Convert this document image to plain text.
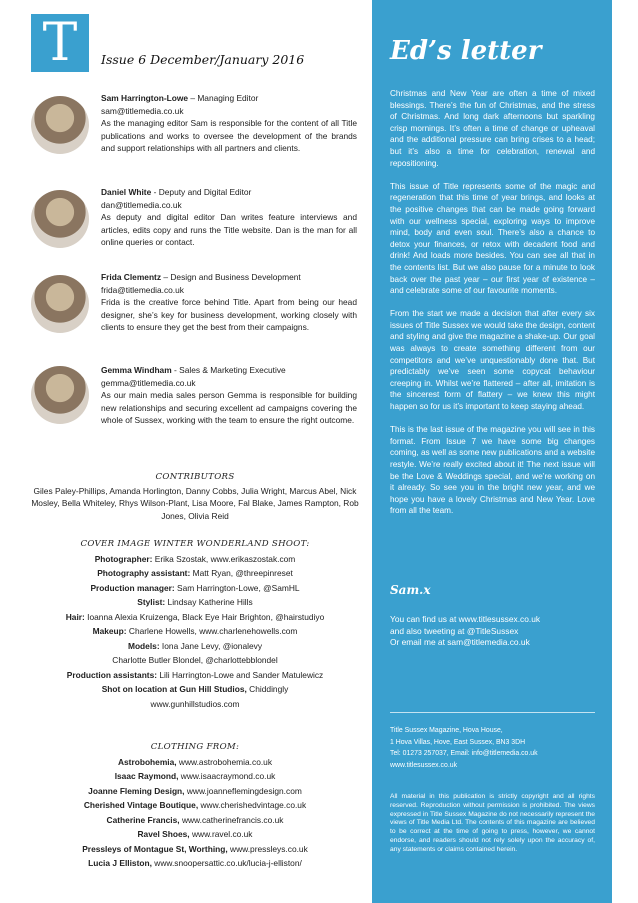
T Issue 6 December/January 2016
Sam Harrington-Lowe – Managing Editor
sam@titlemedia.co.uk

As the managing editor Sam is responsible for the content of all Title publications and works to oversee the development of the brands and support relationships with all partners and clients.

Daniel White - Deputy and Digital Editor
dan@titlemedia.co.uk

As deputy and digital editor Dan writes feature interviews and articles, edits copy and runs the Title website. Dan is the man for all online queries or contact.

Frida Clementz – Design and Business Development
frida@titlemedia.co.uk

Frida is the creative force behind Title. Apart from being our head designer, she’s key for business development, working closely with clients to ensure they get the best from their campaigns.

Gemma Windham - Sales & Marketing Executive
gemma@titlemedia.co.uk

As our main media sales person Gemma is responsible for building new relationships and securing excellent ad campaigns covering the whole of Sussex, working with the team to ensure the right outcome.

CONTRIBUTORS
Giles Paley-Phillips, Amanda Horlington, Danny Cobbs, Julia Wright, Marcus Abel, Nick Mosley, Bella Whiteley, Rhys Wilson-Plant, Lisa Moore, Fal Blake, James Rampton, Rob Jones, Olivia Reid
COVER IMAGE WINTER WONDERLAND SHOOT:
Photographer: Erika Szostak, www.erikaszostak.com
Photography assistant: Matt Ryan, @threepinreset
Production manager: Sam Harrington-Lowe, @SamHL
Stylist: Lindsay Katherine Hills
Hair: Ioanna Alexia Kruizenga, Black Eye Hair Brighton, @hairstudiyo
Makeup: Charlene Howells, www.charlenehowells.com
Models: Iona Jane Levy, @ionalevy
Charlotte Butler Blondel, @charlottebblondel
Production assistants: Lili Harrington-Lowe and Sander Matulewicz
Shot on location at Gun Hill Studios, Chiddingly
www.gunhillstudios.com
CLOTHING FROM:
Astrobohemia, www.astrobohemia.co.uk
Isaac Raymond, www.isaacraymond.co.uk
Joanne Fleming Design, www.joanneflemingdesign.com
Cherished Vintage Boutique, www.cherishedvintage.co.uk
Catherine Francis, www.catherinefrancis.co.uk
Ravel Shoes, www.ravel.co.uk
Pressleys of Montague St, Worthing, www.pressleys.co.uk
Lucia J Elliston, www.snoopersattic.co.uk/lucia-j-elliston/
Ed’s letter

Christmas and New Year are often a time of mixed blessings. There’s the fun of Christmas, and the stress of Christmas. And long dark afternoons but sparkling crisp mornings. It’s often a time of change or upheaval and the additional pressure can bring crises to a head; but it’s also a time for celebration, renewal and repositioning.

This issue of Title represents some of the magic and regeneration that this time of year brings, and looks at the positive changes that can be made going forward with our wellness special, exploring ways to improve mind, body and even soul. There’s also a chance to detox your finances, or retox with decadent food and drink! And loads more besides. You can see all that in the contents list. But we also pause for a minute to look back over the past year – our first year of existence – and celebrate some of our favourite moments.

From the start we made a decision that after every six issues of Title Sussex we would take the design, content and styling and give the magazine a shake-up. Our goal was always to create something different from our competitors and we’ve unquestionably done that. But predictably we’ve seen some copycat behaviour creeping in. Whilst we’re flattered – after all, imitation is the sincerest form of flattery – we knew this might happen so for us it’s important to keep staying ahead.

This is the last issue of the magazine you will see in this format. From Issue 7 we have some big changes coming, as well as some new publications and a website restyle. We’re really excited about it! The next issue will be the Love & Weddings special, and we’re working on it already. So see you in the bright new year, and we hope you have a lovely Christmas and New Year. Love from all the team.

Sam.x
You can find us at www.titlesussex.co.uk
and also tweeting at @TitleSussex
Or email me at sam@titlemedia.co.uk
Title Sussex Magazine, Hova House,
1 Hova Villas, Hove, East Sussex, BN3 3DH
Tel: 01273 257037, Email: info@titlemedia.co.uk
www.titlesussex.co.uk
All material in this publication is strictly copyright and all rights reserved. Reproduction without permission is prohibited. The views expressed in Title Sussex Magazine do not necessarily represent the views of Title Media Ltd. The contents of this magazine are believed to be correct at the time of going to press, however, we cannot endorse, and readers should not rely solely upon the accuracy of, any statements or claims contained herein.
